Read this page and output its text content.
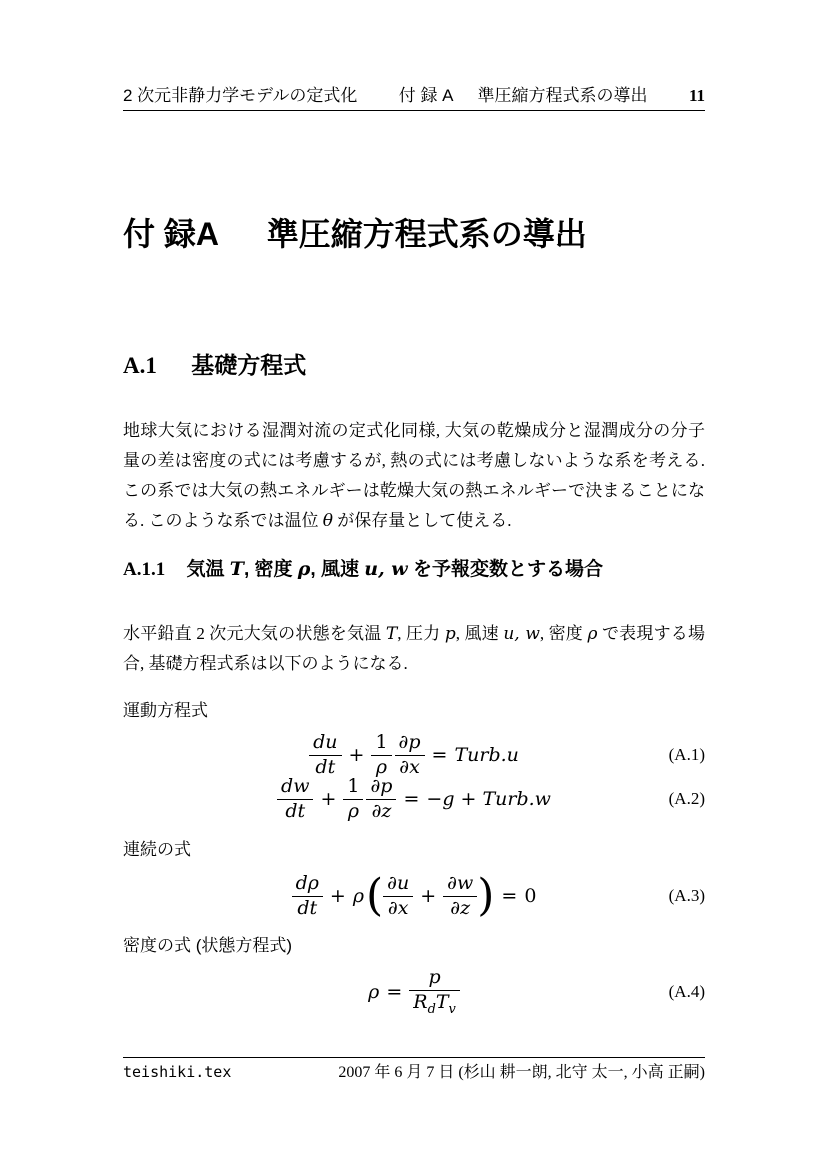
2 次元非静力学モデルの定式化 付 録 A 準圧縮方程式系の導出 11
付 録A 準圧縮方程式系の導出
A.1 基礎方程式

地球大気における湿潤対流の定式化同様, 大気の乾燥成分と湿潤成分の分子量の差は密度の式には考慮するが, 熱の式には考慮しないような系を考える. この系では大気の熱エネルギーは乾燥大気の熱エネルギーで決まることになる. このような系では温位 θ が保存量として使える.

A.1.1 気温 T, 密度 ρ, 風速 u, w を予報変数とする場合

水平鉛直 2 次元大気の状態を気温 T, 圧力 p, 風速 u, w, 密度 ρ で表現する場合, 基礎方程式系は以下のようになる.

運動方程式
$\frac{du}{dt} + \frac{1}{\rho} \frac{\partial p}{\partial x}$ = Turb.u	(A.1)
$\frac{dw}{dt} + \frac{1}{\rho} \frac{\partial p}{\partial z} = -g$ + Turb.w	(A.2)
連続の式
$\frac{d\rho}{dt} + \rho$ ( $\frac{\partial u}{\partial x} + \frac{\partial w}{\partial z}$ ) = 0	(A.3)
密度の式 (状態方程式)
$\rho = \frac{p}{R_dT_v}$	(A.4)
teishiki.tex	2007 年 6 月 7 日 (杉山 耕一朗, 北守 太一, 小高 正嗣)
